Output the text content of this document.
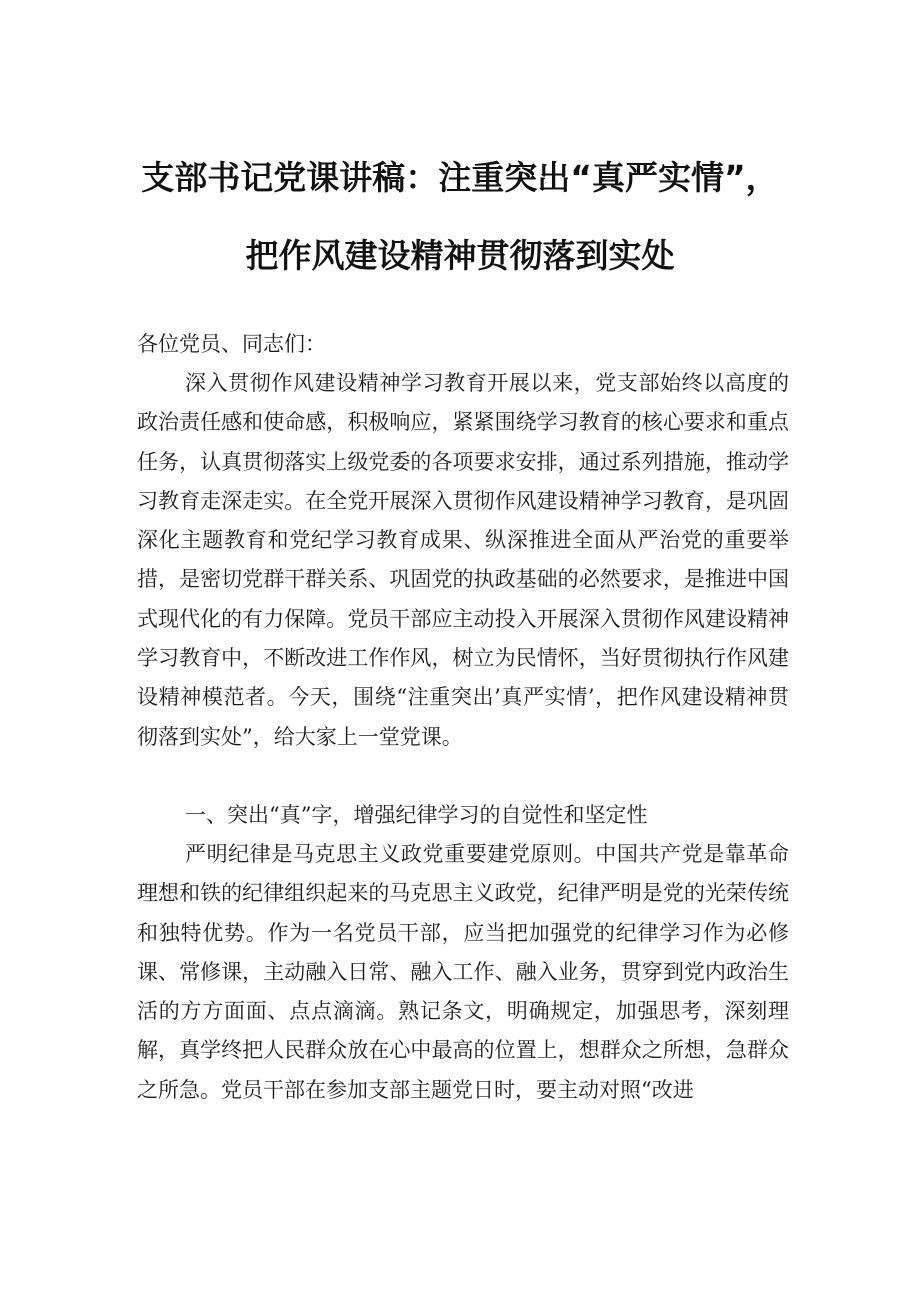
支部书记党课讲稿：注重突出“真严实情”，
把作风建设精神贯彻落到实处
各位党员、同志们：

深入贯彻作风建设精神学习教育开展以来，党支部始终以高度的政治责任感和使命感，积极响应，紧紧围绕学习教育的核心要求和重点任务，认真贯彻落实上级党委的各项要求安排，通过系列措施，推动学习教育走深走实。在全党开展深入贯彻作风建设精神学习教育，是巩固深化主题教育和党纪学习教育成果、纵深推进全面从严治党的重要举措，是密切党群干群关系、巩固党的执政基础的必然要求，是推进中国式现代化的有力保障。党员干部应主动投入开展深入贯彻作风建设精神学习教育中，不断改进工作作风，树立为民情怀，当好贯彻执行作风建设精神模范者。今天，围绕“注重突出’真严实情’，把作风建设精神贯彻落到实处”，给大家上一堂党课。

一、突出“真”字，增强纪律学习的自觉性和坚定性

严明纪律是马克思主义政党重要建党原则。中国共产党是靠革命理想和铁的纪律组织起来的马克思主义政党，纪律严明是党的光荣传统和独特优势。作为一名党员干部，应当把加强党的纪律学习作为必修课、常修课，主动融入日常、融入工作、融入业务，贯穿到党内政治生活的方方面面、点点滴滴。熟记条文，明确规定，加强思考，深刻理解，真学终把人民群众放在心中最高的位置上，想群众之所想，急群众之所急。党员干部在参加支部主题党日时，要主动对照“改进
